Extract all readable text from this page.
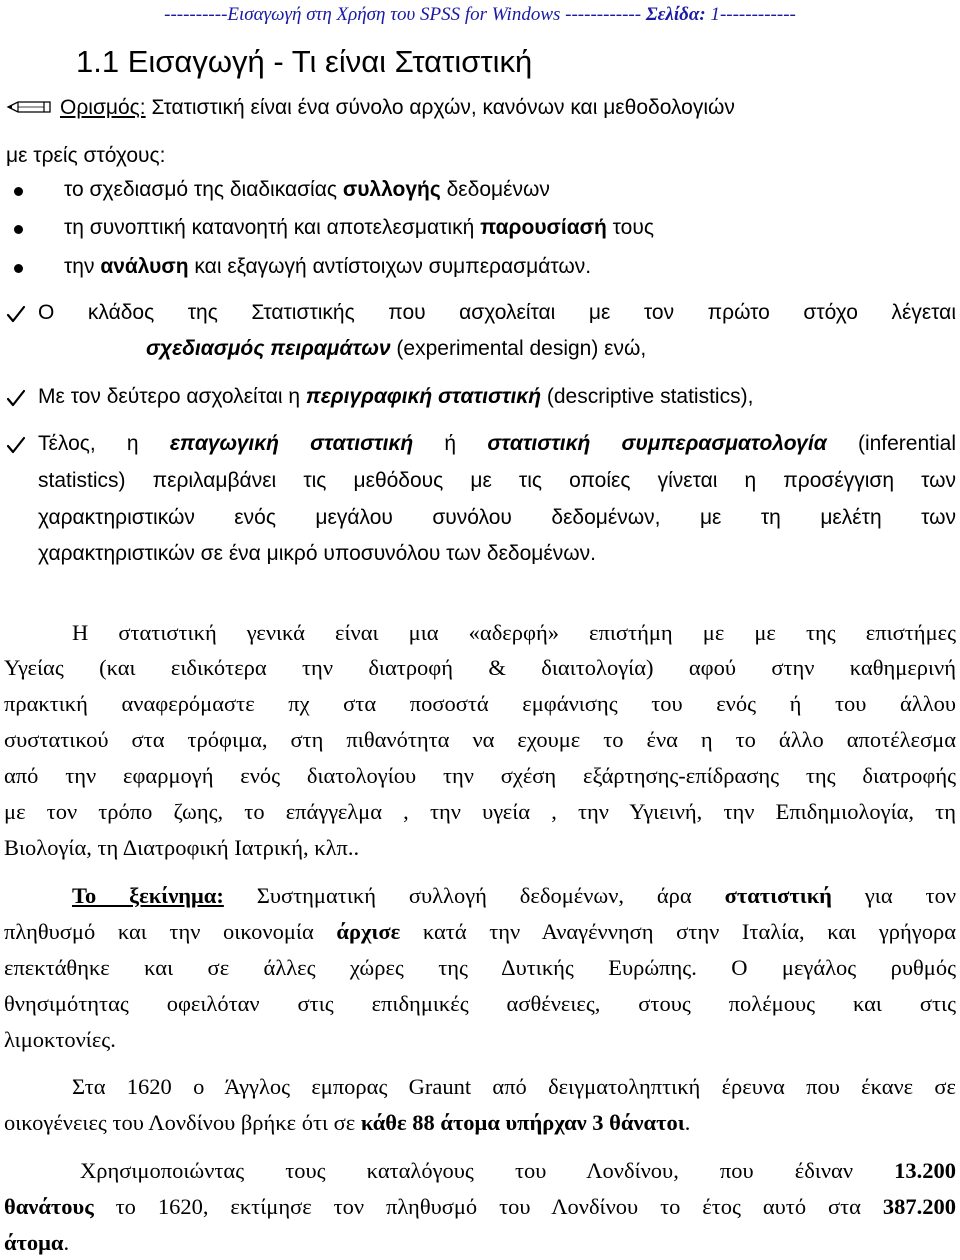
----------Εισαγωγή στη Χρήση του SPSS for Windows ------------ Σελίδα: 1------------
1.1 Εισαγωγή - Τι είναι Στατιστική
Ορισμός: Στατιστική είναι ένα σύνολο αρχών, κανόνων και μεθοδολογιών
με τρείς στόχους:
το σχεδιασμό της διαδικασίας συλλογής δεδομένων
τη συνοπτική κατανοητή και αποτελεσματική παρουσίασή τους
την ανάλυση και εξαγωγή αντίστοιχων συμπερασμάτων.
Ο κλάδος της Στατιστικής που ασχολείται με τον πρώτο στόχο λέγεται
σχεδιασμός πειραμάτων (experimental design) ενώ,
Με τον δεύτερο ασχολείται η περιγραφική στατιστική (descriptive statistics),
Τέλος, η επαγωγική στατιστική ή στατιστική συμπερασματολογία (inferential
statistics) περιλαμβάνει τις μεθόδους με τις οποίες γίνεται η προσέγγιση των
χαρακτηριστικών ενός μεγάλου συνόλου δεδομένων, με τη μελέτη των
χαρακτηριστικών σε ένα μικρό υποσυνόλου των δεδομένων.
Η στατιστική γενικά είναι μια «αδερφή» επιστήμη με με της επιστήμες
Υγείας (και ειδικότερα την διατροφή & διαιτολογία) αφού στην καθημερινή
πρακτική αναφερόμαστε πχ στα ποσοστά εμφάνισης του ενός ή του άλλου
συστατικού στα τρόφιμα, στη πιθανότητα να εχουμε το ένα η το άλλο αποτέλεσμα
από την εφαρμογή ενός διατολογίου την σχέση εξάρτησης-επίδρασης της διατροφής
με τον τρόπο ζωης, το επάγγελμα , την υγεία , την Υγιεινή, την Επιδημιολογία, τη
Βιολογία, τη Διατροφική Ιατρική, κλπ..
Το ξεκίνημα: Συστηματική συλλογή δεδομένων, άρα στατιστική για τον
πληθυσμό και την οικονομία άρχισε κατά την Αναγέννηση στην Ιταλία, και γρήγορα
επεκτάθηκε και σε άλλες χώρες της Δυτικής Ευρώπης. Ο μεγάλος ρυθμός
θνησιμότητας οφειλόταν στις επιδημικές ασθένειες, στους πολέμους και στις
λιμοκτονίες.
Στα 1620 ο Άγγλος εμπορας Graunt από δειγματοληπτική έρευνα που έκανε σε
οικογένειες του Λονδίνου βρήκε ότι σε κάθε 88 άτομα υπήρχαν 3 θάνατοι.
Χρησιμοποιώντας τους καταλόγους του Λονδίνου, που έδιναν 13.200
θανάτους το 1620, εκτίμησε τον πληθυσμό του Λονδίνου το έτος αυτό στα 387.200
άτομα.
